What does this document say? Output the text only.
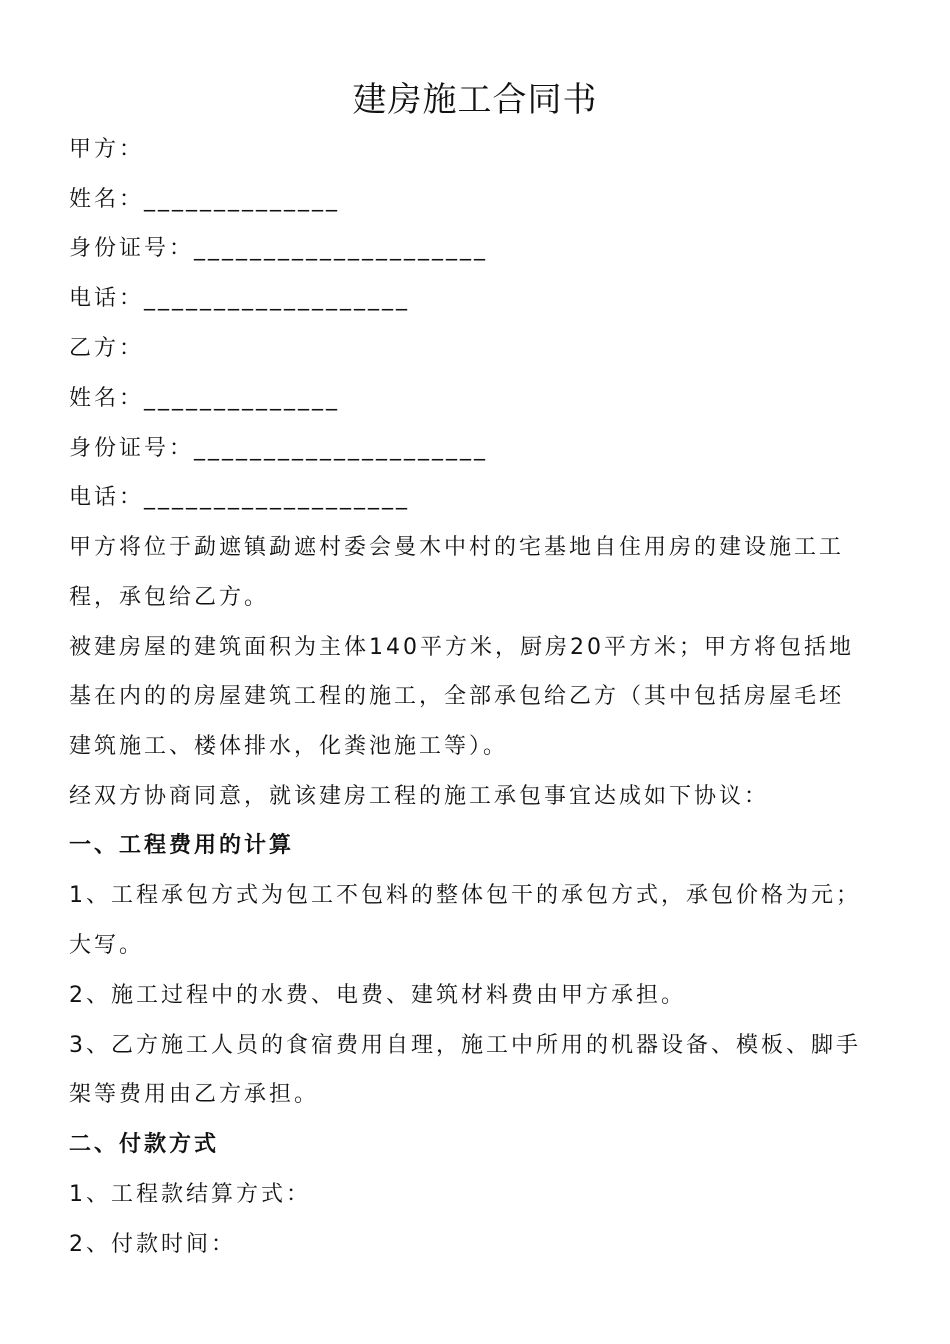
建房施工合同书
甲方：
姓名：______________
身份证号：_____________________
电话：___________________
乙方：
姓名：______________
身份证号：_____________________
电话：___________________
甲方将位于勐遮镇勐遮村委会曼木中村的宅基地自住用房的建设施工工
程，承包给乙方。
被建房屋的建筑面积为主体140平方米，厨房20平方米；甲方将包括地
基在内的的房屋建筑工程的施工，全部承包给乙方（其中包括房屋毛坯
建筑施工、楼体排水，化粪池施工等）。
经双方协商同意，就该建房工程的施工承包事宜达成如下协议：
一、工程费用的计算
1、工程承包方式为包工不包料的整体包干的承包方式，承包价格为元；
大写。
2、施工过程中的水费、电费、建筑材料费由甲方承担。
3、乙方施工人员的食宿费用自理，施工中所用的机器设备、模板、脚手
架等费用由乙方承担。
二、付款方式
1、工程款结算方式：
2、付款时间：
